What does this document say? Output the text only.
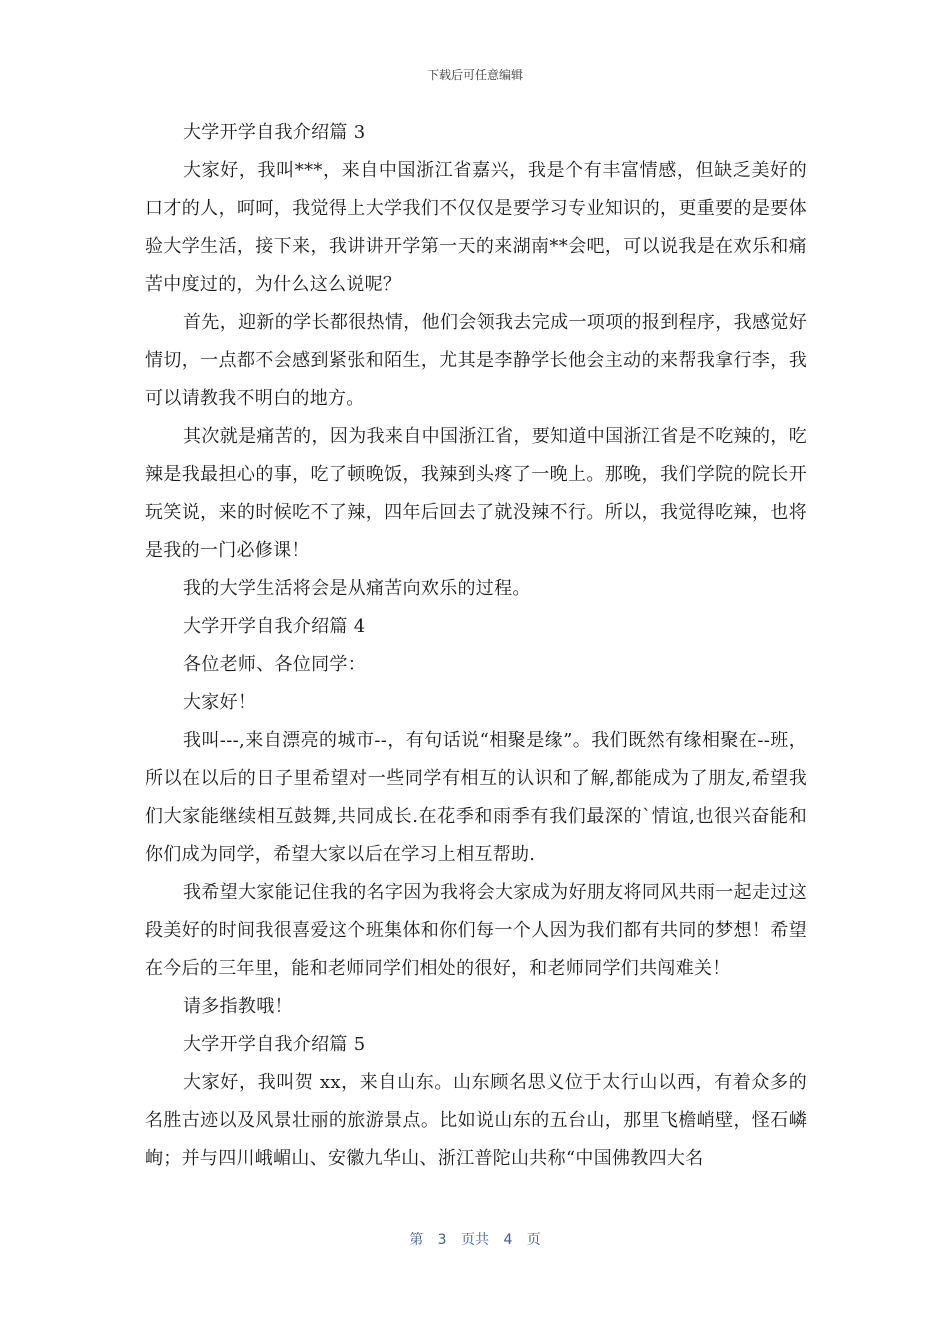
下载后可任意编辑

大学开学自我介绍篇 3

大家好，我叫***，来自中国浙江省嘉兴，我是个有丰富情感，但缺乏美好的口才的人，呵呵，我觉得上大学我们不仅仅是要学习专业知识的，更重要的是要体验大学生活，接下来，我讲讲开学第一天的来湖南**会吧，可以说我是在欢乐和痛苦中度过的，为什么这么说呢？

首先，迎新的学长都很热情，他们会领我去完成一项项的报到程序，我感觉好情切，一点都不会感到紧张和陌生，尤其是李静学长他会主动的来帮我拿行李，我可以请教我不明白的地方。

其次就是痛苦的，因为我来自中国浙江省，要知道中国浙江省是不吃辣的，吃辣是我最担心的事，吃了顿晚饭，我辣到头疼了一晚上。那晚，我们学院的院长开玩笑说，来的时候吃不了辣，四年后回去了就没辣不行。所以，我觉得吃辣，也将是我的一门必修课！

我的大学生活将会是从痛苦向欢乐的过程。

大学开学自我介绍篇 4

各位老师、各位同学：

大家好！

我叫---,来自漂亮的城市--，有句话说“相聚是缘”。我们既然有缘相聚在--班，所以在以后的日子里希望对一些同学有相互的认识和了解,都能成为了朋友,希望我们大家能继续相互鼓舞,共同成长.在花季和雨季有我们最深的`情谊,也很兴奋能和你们成为同学，希望大家以后在学习上相互帮助.

我希望大家能记住我的名字因为我将会大家成为好朋友将同风共雨一起走过这段美好的时间我很喜爱这个班集体和你们每一个人因为我们都有共同的梦想！希望在今后的三年里，能和老师同学们相处的很好，和老师同学们共闯难关！

请多指教哦！

大学开学自我介绍篇 5

大家好，我叫贺 xx，来自山东。山东顾名思义位于太行山以西，有着众多的名胜古迹以及风景壮丽的旅游景点。比如说山东的五台山，那里飞檐峭壁，怪石嶙峋；并与四川峨嵋山、安徽九华山、浙江普陀山共称“中国佛教四大名

第 3 页共 4 页
